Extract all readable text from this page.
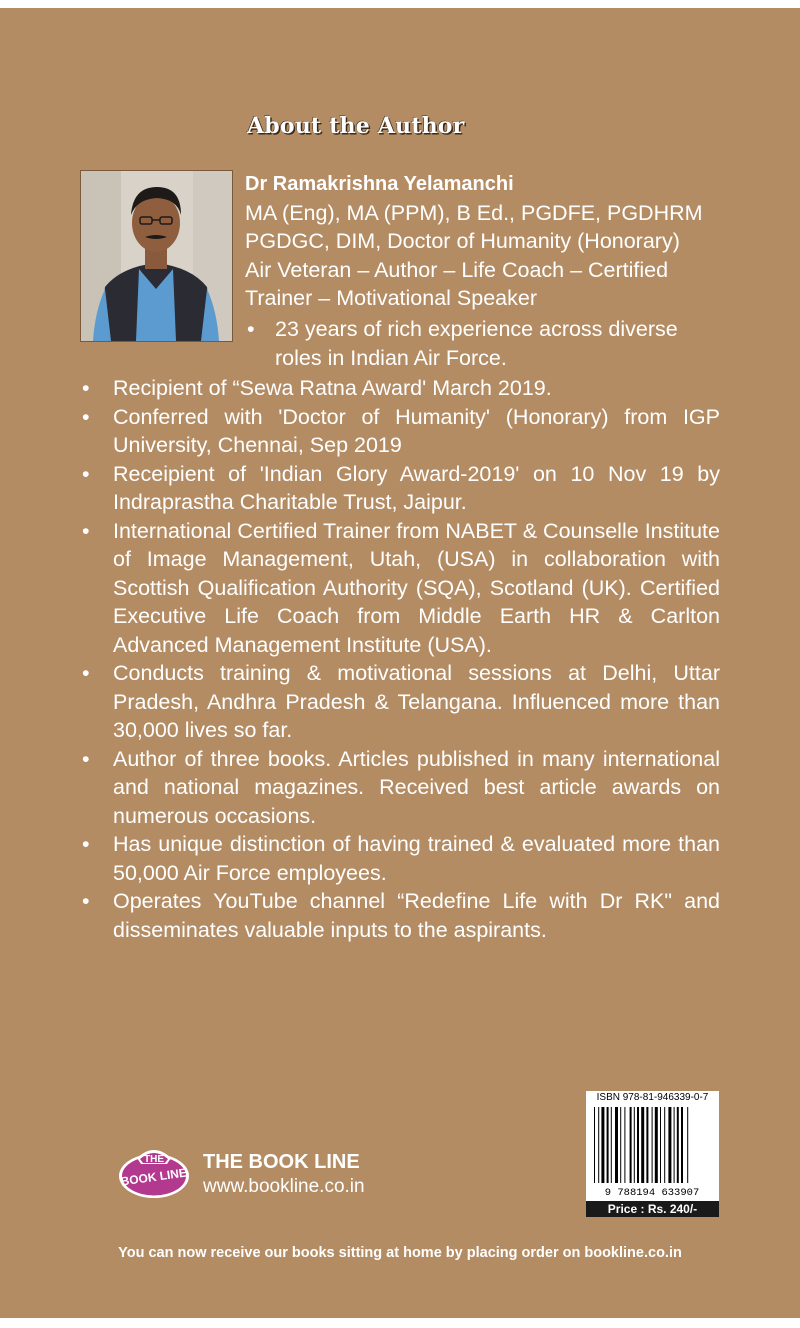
About the Author
Dr Ramakrishna Yelamanchi
MA (Eng), MA (PPM), B Ed., PGDFE, PGDHRM
PGDGC, DIM, Doctor of Humanity (Honorary)
Air Veteran – Author – Life Coach – Certified
Trainer – Motivational Speaker
• 23 years of rich experience across diverse roles in Indian Air Force.
• Recipient of “Sewa Ratna Award' March 2019.
• Conferred with 'Doctor of Humanity' (Honorary) from IGP University, Chennai, Sep 2019
• Receipient of 'Indian Glory Award-2019' on 10 Nov 19 by Indraprastha Charitable Trust, Jaipur.
• International Certified Trainer from NABET & Counselle Institute of Image Management, Utah, (USA) in collaboration with Scottish Qualification Authority (SQA), Scotland (UK). Certified Executive Life Coach from Middle Earth HR & Carlton Advanced Management Institute (USA).
• Conducts training & motivational sessions at Delhi, Uttar Pradesh, Andhra Pradesh & Telangana. Influenced more than 30,000 lives so far.
• Author of three books. Articles published in many international and national magazines. Received best article awards on numerous occasions.
• Has unique distinction of having trained & evaluated more than 50,000 Air Force employees.
• Operates YouTube channel “Redefine Life with Dr RK" and disseminates valuable inputs to the aspirants.
THE
BOOK LINE
THE BOOK LINE
www.bookline.co.in
ISBN 978-81-946339-0-7
9 788194 633907
Price : Rs. 240/-
You can now receive our books sitting at home by placing order on bookline.co.in
